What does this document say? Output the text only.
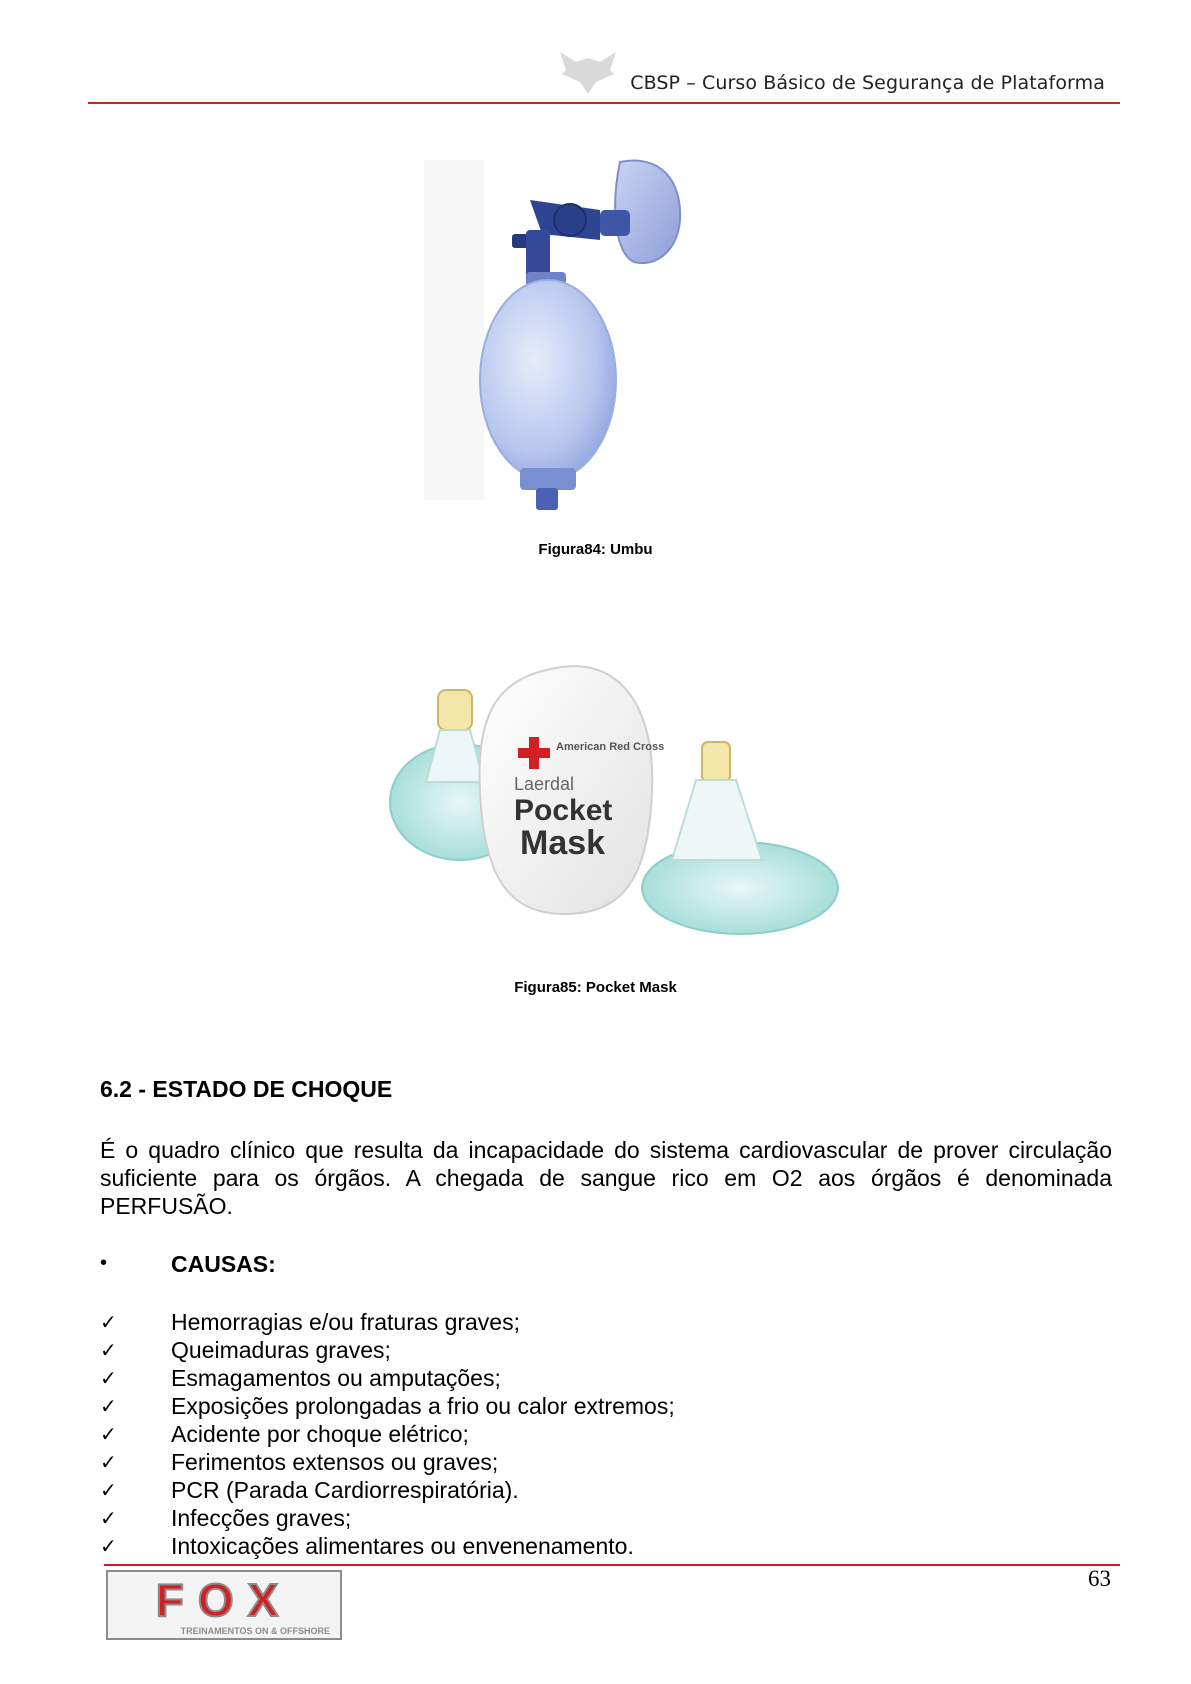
CBSP – Curso Básico de Segurança de Plataforma
Figura84: Umbu
American Red Cross
Laerdal
Pocket
Mask
Figura85: Pocket Mask
6.2 - ESTADO DE CHOQUE
É o quadro clínico que resulta da incapacidade do sistema cardiovascular de prover circulação suficiente para os órgãos. A chegada de sangue rico em O2 aos órgãos é denominada PERFUSÃO.
•	CAUSAS:
✓	Hemorragias e/ou fraturas graves;
✓	Queimaduras graves;
✓	Esmagamentos ou amputações;
✓	Exposições prolongadas a frio ou calor extremos;
✓	Acidente por choque elétrico;
✓	Ferimentos extensos ou graves;
✓	PCR (Parada Cardiorrespiratória).
✓	Infecções graves;
✓	Intoxicações alimentares ou envenenamento.
63
FOX
TREINAMENTOS ON & OFFSHORE
